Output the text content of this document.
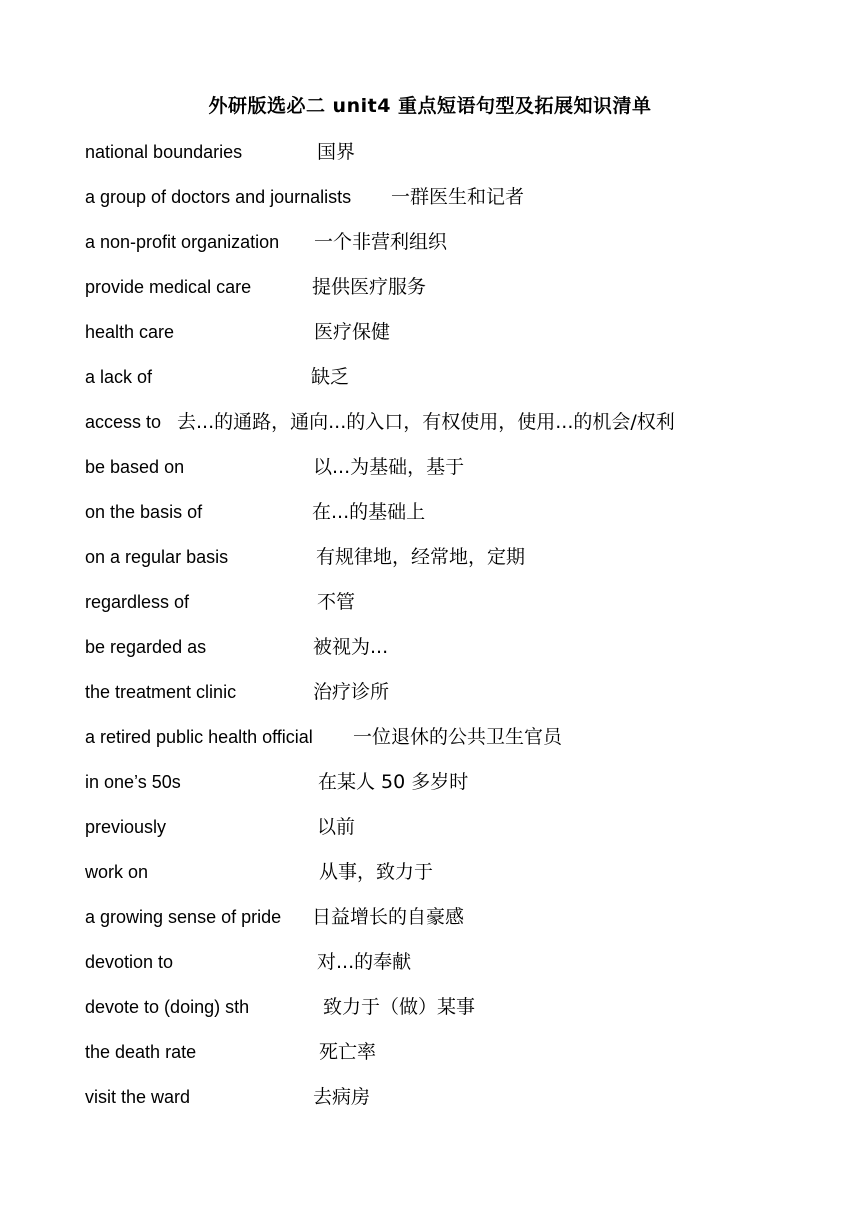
外研版选必二 unit4 重点短语句型及拓展知识清单
national boundaries	国界
a group of doctors and journalists 一群医生和记者
a non-profit organization 一个非营利组织
provide medical care	提供医疗服务
health care	医疗保健
a lack of	缺乏
access to 去...的通路，通向...的入口，有权使用，使用...的机会/权利
be based on	以...为基础，基于
on the basis of	在...的基础上
on a regular basis	有规律地，经常地，定期
regardless of	不管
be regarded as	被视为...
the treatment clinic	治疗诊所
a retired public health official 一位退休的公共卫生官员
in one’s 50s	在某人 50 多岁时
previously	以前
work on	从事，致力于
a growing sense of pride 日益增长的自豪感
devotion to	对...的奉献
devote to (doing) sth	致力于（做）某事
the death rate	死亡率
visit the ward	去病房
